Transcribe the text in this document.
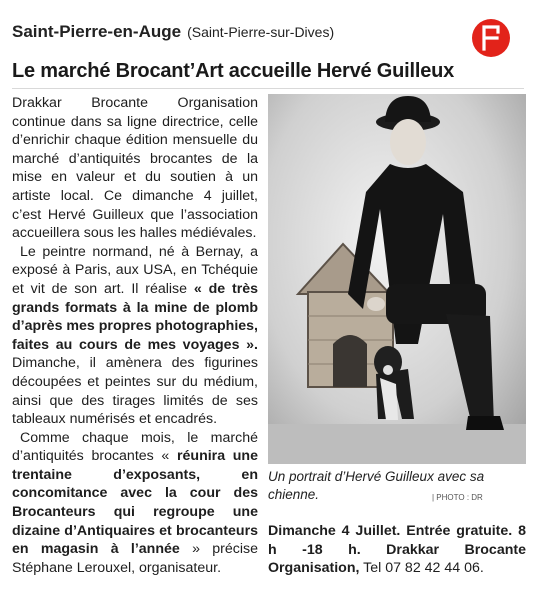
Saint-Pierre-en-Auge (Saint-Pierre-sur-Dives)
Le marché Brocant’Art accueille Hervé Guilleux

Drakkar Brocante Organisation continue dans sa ligne directrice, celle d’enrichir chaque édition mensuelle du marché d’antiquités brocantes de la mise en valeur et du soutien à un artiste local. Ce dimanche 4 juillet, c’est Hervé Guilleux que l’association accueillera sous les halles médiévales.

Le peintre normand, né à Bernay, a exposé à Paris, aux USA, en Tchéquie et vit de son art. Il réalise « de très grands formats à la mine de plomb d’après mes propres photographies, faites au cours de mes voyages ». Dimanche, il amènera des figurines découpées et peintes sur du médium, ainsi que des tirages limités de ses tableaux numérisés et encadrés.

Comme chaque mois, le marché d’antiquités brocantes « réunira une trentaine d’exposants, en concomitance avec la cour des Brocanteurs qui regroupe une dizaine d’Antiquaires et brocanteurs en magasin à l’année » précise Stéphane Lerouxel, organisateur.

Un portrait d’Hervé Guilleux avec sa chienne.	| PHOTO : DR

Dimanche 4 Juillet. Entrée gratuite. 8 h -18 h. Drakkar Brocante Organisation, Tel 07 82 42 44 06.
